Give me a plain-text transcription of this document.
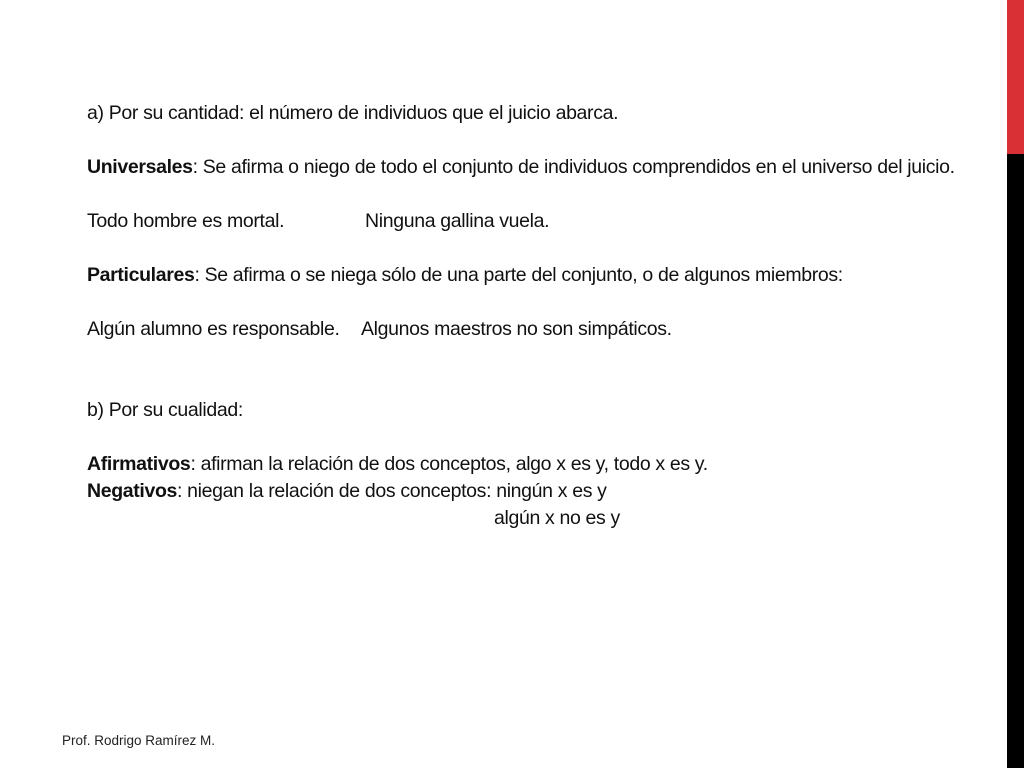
a) Por su cantidad: el número de individuos que el juicio abarca.
Universales: Se afirma o niego de todo el conjunto de individuos comprendidos en el universo del juicio.
Todo hombre es mortal.	Ninguna gallina vuela.
Particulares: Se afirma o se niega sólo de una parte del conjunto, o de algunos miembros:
Algún alumno es responsable. Algunos maestros no son simpáticos.
b) Por su cualidad:
Afirmativos: afirman la relación de dos conceptos, algo x es y, todo x es y.
Negativos: niegan la relación de dos conceptos: ningún x es y
algún x no es y
Prof. Rodrigo Ramírez M.
